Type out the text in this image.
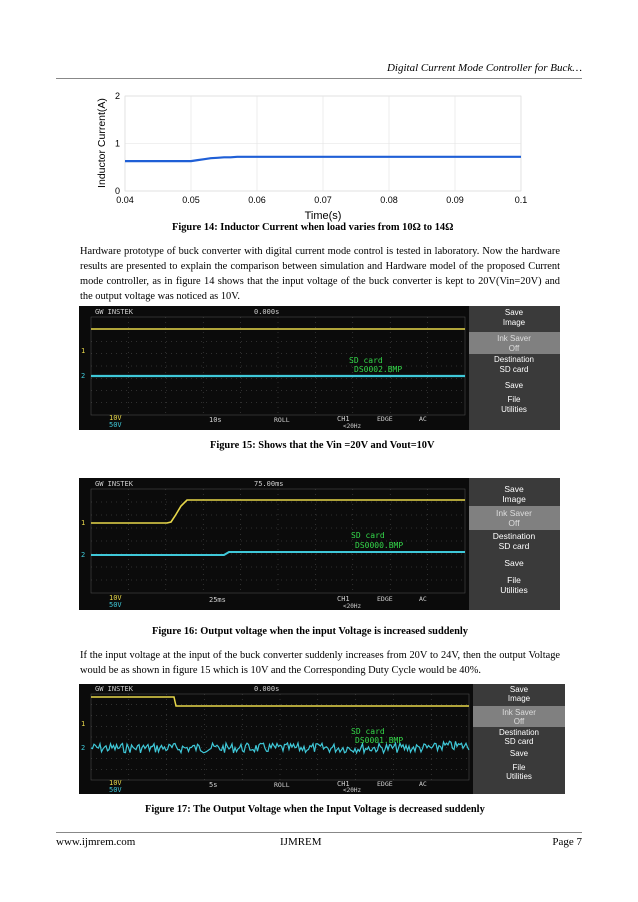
Digital Current Mode Controller for Buck…
0.04	0.05	0.06	0.07	0.08	0.09	0.1
0
1
2
Time(s)
Inductor Current(A)
Figure 14: Inductor Current when load varies from 10Ω to 14Ω
Hardware prototype of buck converter with digital current mode control is tested in laboratory. Now the hardware results are presented to explain the comparison between simulation and Hardware model of the proposed Current mode controller, as in figure 14 shows that the input voltage of the buck converter is kept to 20V(Vin=20V) and the output voltage was noticed as 10V.
GW INSTEK	0.000s
1
2
SD card
DS0002.BMP
Save
Image
Ink Saver
Off
Destination
SD card
Save
File
Utilities
10V
50V
10s	ROLL	CH1	EDGE	AC
<20Hz
Figure 15: Shows that the Vin =20V and Vout=10V
GW INSTEK	75.00ms
1
2
SD card
DS0000.BMP
Save
Image
Ink Saver
Off
Destination
SD card
Save
File
Utilities
10V
50V
25ms	CH1	EDGE	AC
<20Hz
Figure 16: Output voltage when the input Voltage is increased suddenly
If the input voltage at the input of the buck converter suddenly increases from 20V to 24V, then the output Voltage would be as shown in figure 15 which is 10V and the Corresponding Duty Cycle would be 40%.
GW INSTEK	0.000s
1
2
SD card
DS0001.BMP
Save
Image
Ink Saver
Off
Destination
SD card
Save
File
Utilities
10V
50V
5s	ROLL	CH1	EDGE	AC
<20Hz
Figure 17: The Output Voltage when the Input Voltage is decreased suddenly
www.ijmrem.com	IJMREM	Page 7
